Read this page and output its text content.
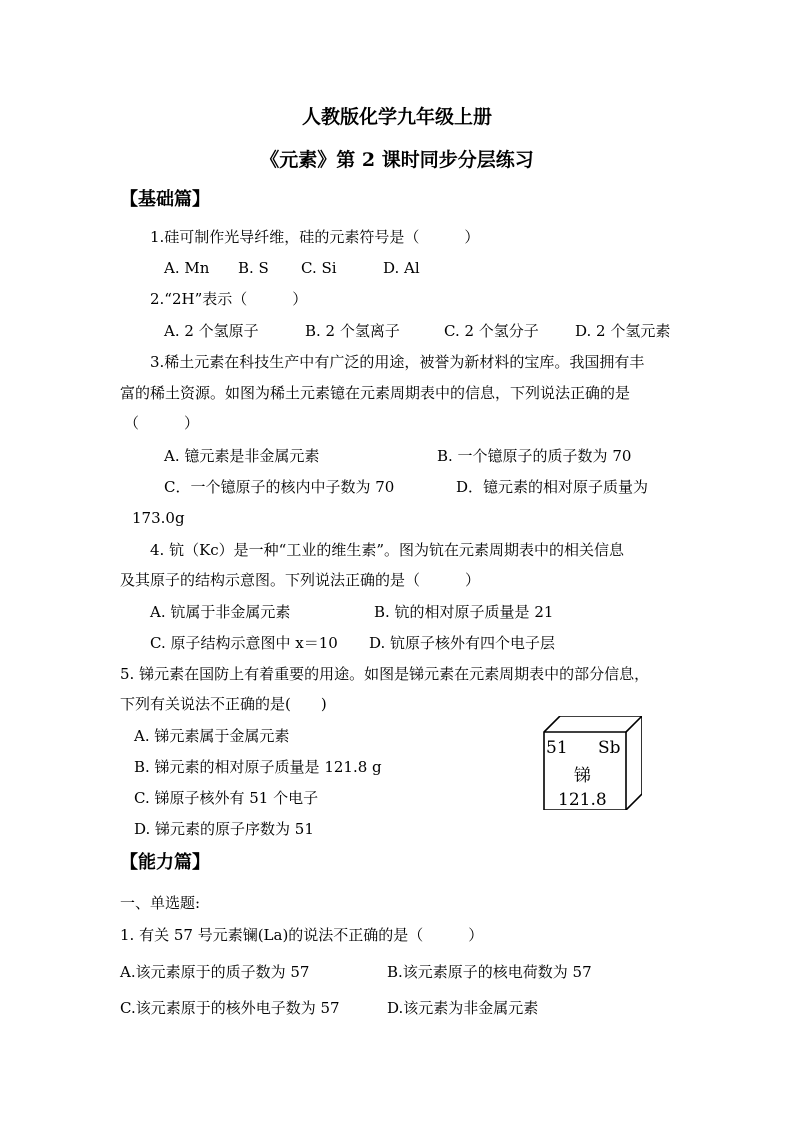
人教版化学九年级上册
《元素》第 2 课时同步分层练习
【基础篇】
1.硅可制作光导纤维，硅的元素符号是（　　　）
A. Mn B. S C. Si	D. Al
2.“2H”表示（　　　）
A. 2 个氢原子	B. 2 个氢离子	C. 2 个氢分子 D. 2 个氢元素
3.稀土元素在科技生产中有广泛的用途，被誉为新材料的宝库。我国拥有丰
富的稀土资源。如图为稀土元素镱在元素周期表中的信息，下列说法正确的是
（　　　）
A. 镱元素是非金属元素	B. 一个镱原子的质子数为 70
C．一个镱原子的核内中子数为 70	D．镱元素的相对原子质量为
173.0g
4. 钪（Kc）是一种“工业的维生素”。图为钪在元素周期表中的相关信息
及其原子的结构示意图。下列说法正确的是（　　　）
A. 钪属于非金属元素	B. 钪的相对原子质量是 21
C. 原子结构示意图中 x＝10 D. 钪原子核外有四个电子层
5. 锑元素在国防上有着重要的用途。如图是锑元素在元素周期表中的部分信息，
下列有关说法不正确的是(　　)
A. 锑元素属于金属元素
B. 锑元素的相对原子质量是 121.8 g
C. 锑原子核外有 51 个电子
D. 锑元素的原子序数为 51
51 Sb
锑
121.8
【能力篇】
一、单选题:
1. 有关 57 号元素镧(La)的说法不正确的是（　　　）
A.该元素原于的质子数为 57	B.该元素原子的核电荷数为 57
C.该元素原于的核外电子数为 57	D.该元素为非金属元素
